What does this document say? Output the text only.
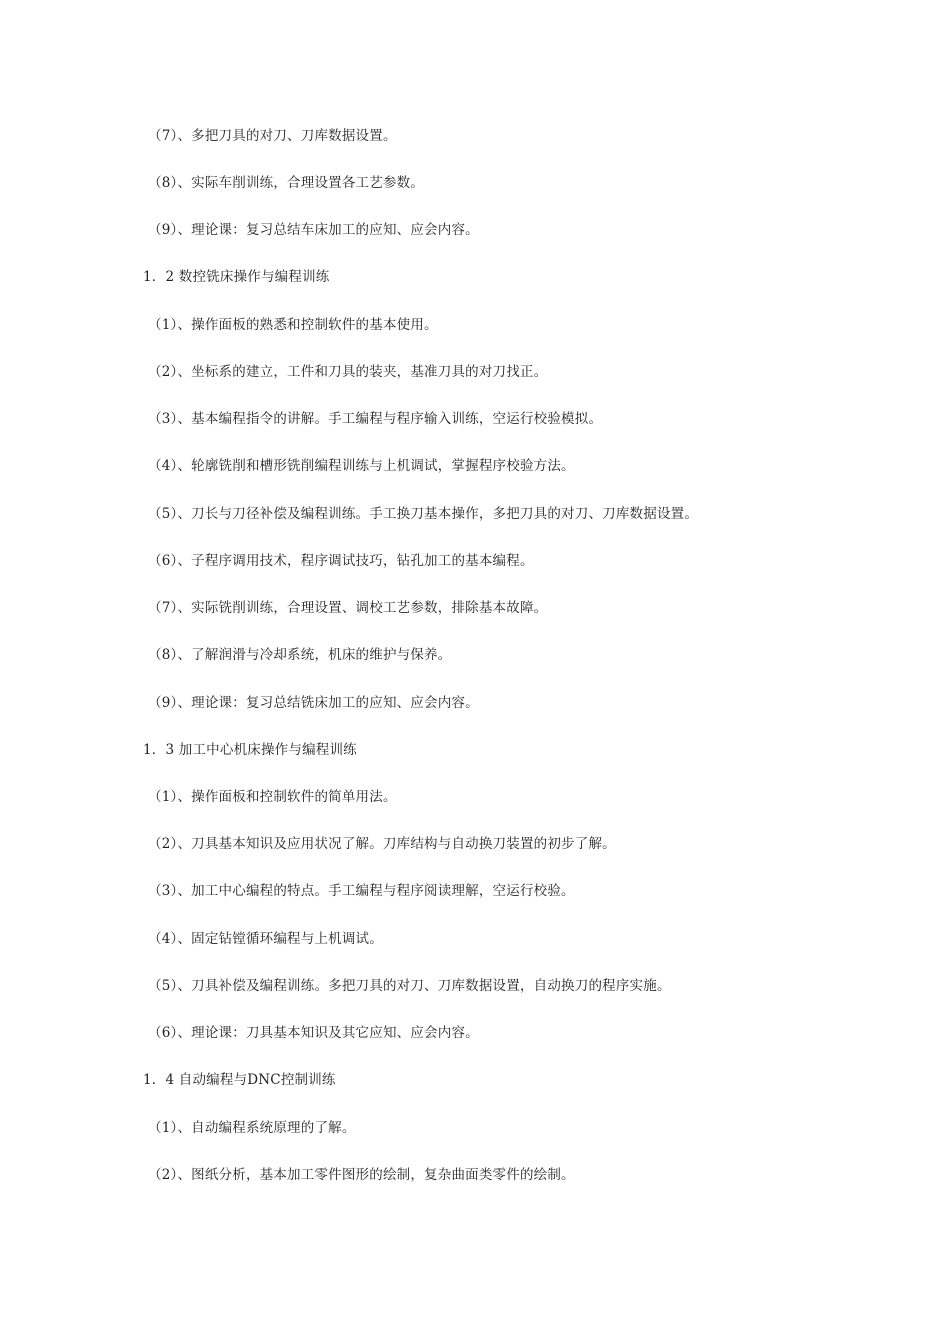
（7）、多把刀具的对刀、刀库数据设置。
（8）、实际车削训练，合理设置各工艺参数。
（9）、理论课：复习总结车床加工的应知、应会内容。
1．2 数控铣床操作与编程训练
（1）、操作面板的熟悉和控制软件的基本使用。
（2）、坐标系的建立，工件和刀具的装夹，基准刀具的对刀找正。
（3）、基本编程指令的讲解。手工编程与程序输入训练，空运行校验模拟。
（4）、轮廓铣削和槽形铣削编程训练与上机调试，掌握程序校验方法。
（5）、刀长与刀径补偿及编程训练。手工换刀基本操作，多把刀具的对刀、刀库数据设置。
（6）、子程序调用技术，程序调试技巧，钻孔加工的基本编程。
（7）、实际铣削训练，合理设置、调校工艺参数，排除基本故障。
（8）、了解润滑与冷却系统，机床的维护与保养。
（9）、理论课：复习总结铣床加工的应知、应会内容。
1．3 加工中心机床操作与编程训练
（1）、操作面板和控制软件的简单用法。
（2）、刀具基本知识及应用状况了解。刀库结构与自动换刀装置的初步了解。
（3）、加工中心编程的特点。手工编程与程序阅读理解，空运行校验。
（4）、固定钻镗循环编程与上机调试。
（5）、刀具补偿及编程训练。多把刀具的对刀、刀库数据设置，自动换刀的程序实施。
（6）、理论课：刀具基本知识及其它应知、应会内容。
1．4 自动编程与DNC控制训练
（1）、自动编程系统原理的了解。
（2）、图纸分析，基本加工零件图形的绘制，复杂曲面类零件的绘制。
